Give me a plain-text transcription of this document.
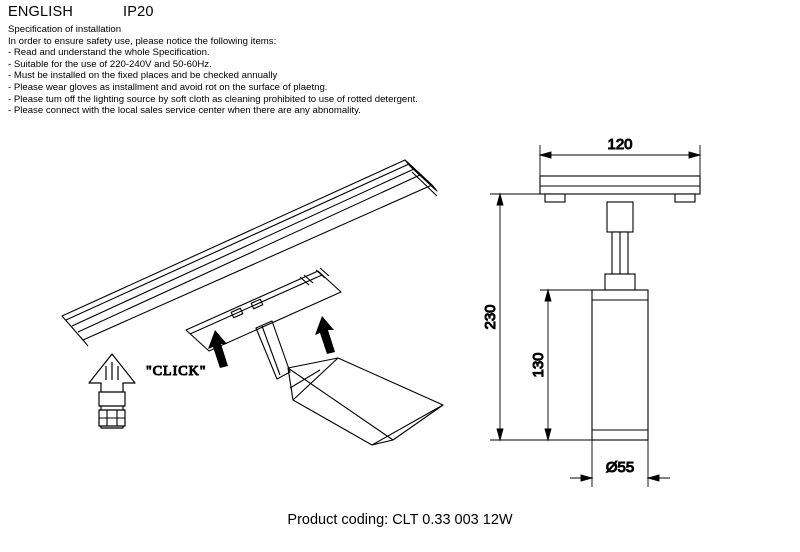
ENGLISH	IP20
Specification of installation
In order to ensure safety use, please notice the following items:
- Read and understand the whole Specification.
- Suitable for the use of 220-240V and 50-60Hz.
- Must be installed on the fixed places and be checked annually
- Please wear gloves as installment and avoid rot on the surface of plaetng.
- Please tum off the lighting source by soft cloth as cleaning prohibited to use of rotted detergent.
- Please connect with the local sales service center when there are any abnomality.
"CLICK"
120
230
130
Ø55
Product coding: CLT 0.33 003 12W
